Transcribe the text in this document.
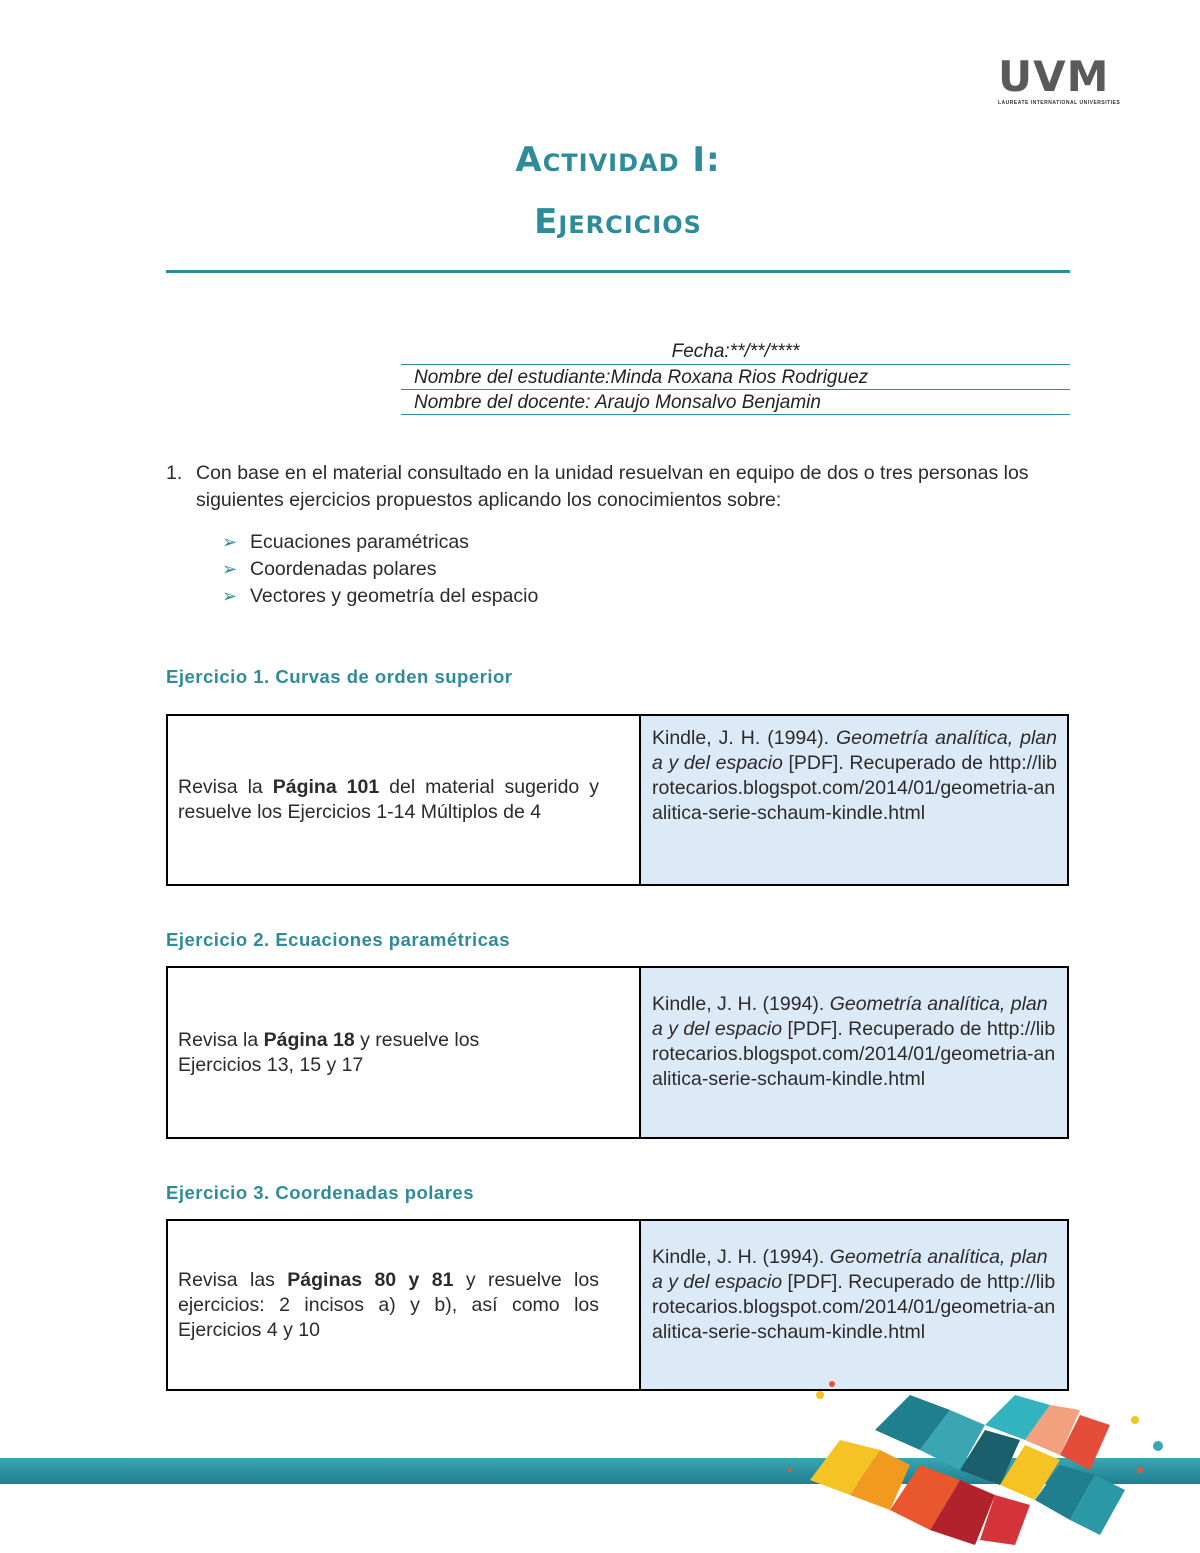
UVM
LAUREATE INTERNATIONAL UNIVERSITIES
Actividad I:
Ejercicios
Fecha:**/**/****
Nombre del estudiante:Minda Roxana Rios Rodriguez
Nombre del docente: Araujo Monsalvo Benjamin
1. Con base en el material consultado en la unidad resuelvan en equipo de dos o tres personas los siguientes ejercicios propuestos aplicando los conocimientos sobre:
➢ Ecuaciones paramétricas
➢ Coordenadas polares
➢ Vectores y geometría del espacio
Ejercicio 1. Curvas de orden superior
Revisa la Página 101 del material sugerido y resuelve los Ejercicios 1-14 Múltiplos de 4
Kindle, J. H. (1994). Geometría analítica, plana y del espacio [PDF]. Recuperado de http://librotecarios.blogspot.com/2014/01/geometria-analitica-serie-schaum-kindle.html
Ejercicio 2. Ecuaciones paramétricas
Revisa la Página 18 y resuelve los Ejercicios 13, 15 y 17
Kindle, J. H. (1994). Geometría analítica, plana y del espacio [PDF]. Recuperado de http://librotecarios.blogspot.com/2014/01/geometria-analitica-serie-schaum-kindle.html
Ejercicio 3. Coordenadas polares
Revisa las Páginas 80 y 81 y resuelve los ejercicios: 2 incisos a) y b), así como los Ejercicios 4 y 10
Kindle, J. H. (1994). Geometría analítica, plana y del espacio [PDF]. Recuperado de http://librotecarios.blogspot.com/2014/01/geometria-analitica-serie-schaum-kindle.html
